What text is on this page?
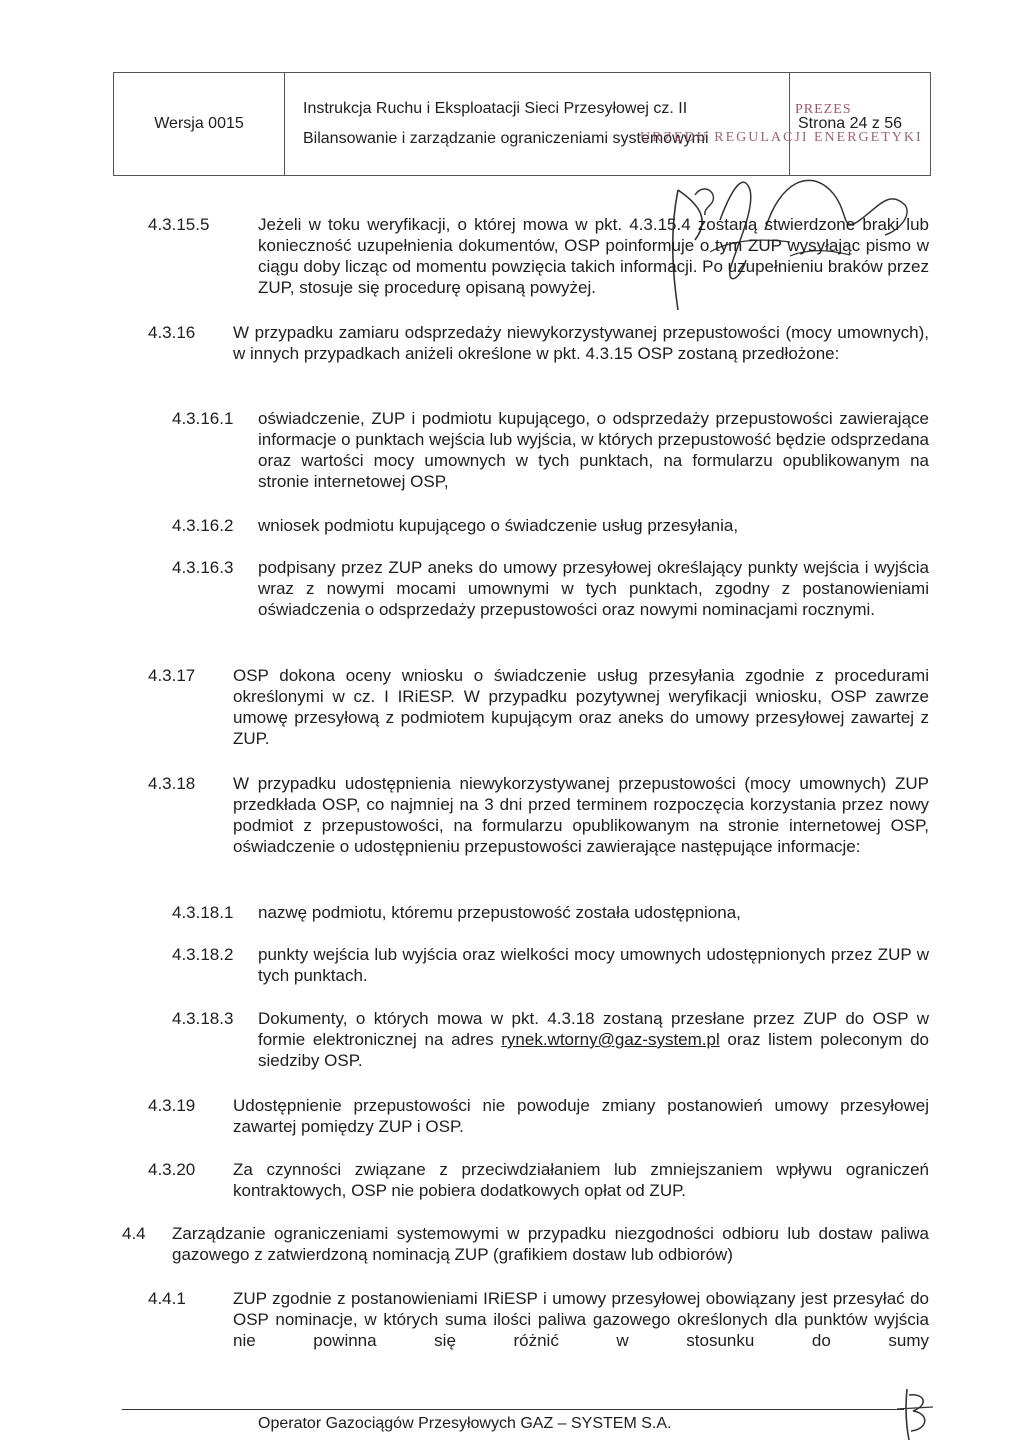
Wersja 0015
Instrukcja Ruchu i Eksploatacji Sieci Przesyłowej cz. II
Bilansowanie i zarządzanie ograniczeniami systemowymi
Strona 24 z 56
PREZES
URZĘDU REGULACJI ENERGETYKI
4.3.15.5	Jeżeli w toku weryfikacji, o której mowa w pkt. 4.3.15.4 zostaną stwierdzone braki lub konieczność uzupełnienia dokumentów, OSP poinformuje o tym ZUP wysyłając pismo w ciągu doby licząc od momentu powzięcia takich informacji. Po uzupełnieniu braków przez ZUP, stosuje się procedurę opisaną powyżej.
4.3.16 W przypadku zamiaru odsprzedaży niewykorzystywanej przepustowości (mocy umownych), w innych przypadkach aniżeli określone w pkt. 4.3.15 OSP zostaną przedłożone:
4.3.16.1 oświadczenie, ZUP i podmiotu kupującego, o odsprzedaży przepustowości zawierające informacje o punktach wejścia lub wyjścia, w których przepustowość będzie odsprzedana oraz wartości mocy umownych w tych punktach, na formularzu opublikowanym na stronie internetowej OSP,
4.3.16.2 wniosek podmiotu kupującego o świadczenie usług przesyłania,
4.3.16.3 podpisany przez ZUP aneks do umowy przesyłowej określający punkty wejścia i wyjścia wraz z nowymi mocami umownymi w tych punktach, zgodny z postanowieniami oświadczenia o odsprzedaży przepustowości oraz nowymi nominacjami rocznymi.
4.3.17 OSP dokona oceny wniosku o świadczenie usług przesyłania zgodnie z procedurami określonymi w cz. I IRiESP. W przypadku pozytywnej weryfikacji wniosku, OSP zawrze umowę przesyłową z podmiotem kupującym oraz aneks do umowy przesyłowej zawartej z ZUP.
4.3.18 W przypadku udostępnienia niewykorzystywanej przepustowości (mocy umownych) ZUP przedkłada OSP, co najmniej na 3 dni przed terminem rozpoczęcia korzystania przez nowy podmiot z przepustowości, na formularzu opublikowanym na stronie internetowej OSP, oświadczenie o udostępnieniu przepustowości zawierające następujące informacje:
4.3.18.1 nazwę podmiotu, któremu przepustowość została udostępniona,
4.3.18.2 punkty wejścia lub wyjścia oraz wielkości mocy umownych udostępnionych przez ZUP w tych punktach.
4.3.18.3 Dokumenty, o których mowa w pkt. 4.3.18 zostaną przesłane przez ZUP do OSP w formie elektronicznej na adres rynek.wtorny@gaz-system.pl oraz listem poleconym do siedziby OSP.
4.3.19 Udostępnienie przepustowości nie powoduje zmiany postanowień umowy przesyłowej zawartej pomiędzy ZUP i OSP.
4.3.20 Za czynności związane z przeciwdziałaniem lub zmniejszaniem wpływu ograniczeń kontraktowych, OSP nie pobiera dodatkowych opłat od ZUP.
4.4 Zarządzanie ograniczeniami systemowymi w przypadku niezgodności odbioru lub dostaw paliwa gazowego z zatwierdzoną nominacją ZUP (grafikiem dostaw lub odbiorów)
4.4.1	ZUP zgodnie z postanowieniami IRiESP i umowy przesyłowej obowiązany jest przesyłać do OSP nominacje, w których suma ilości paliwa gazowego określonych dla punktów wyjścia nie powinna się różnić w stosunku do sumy
Operator Gazociągów Przesyłowych GAZ – SYSTEM S.A.
